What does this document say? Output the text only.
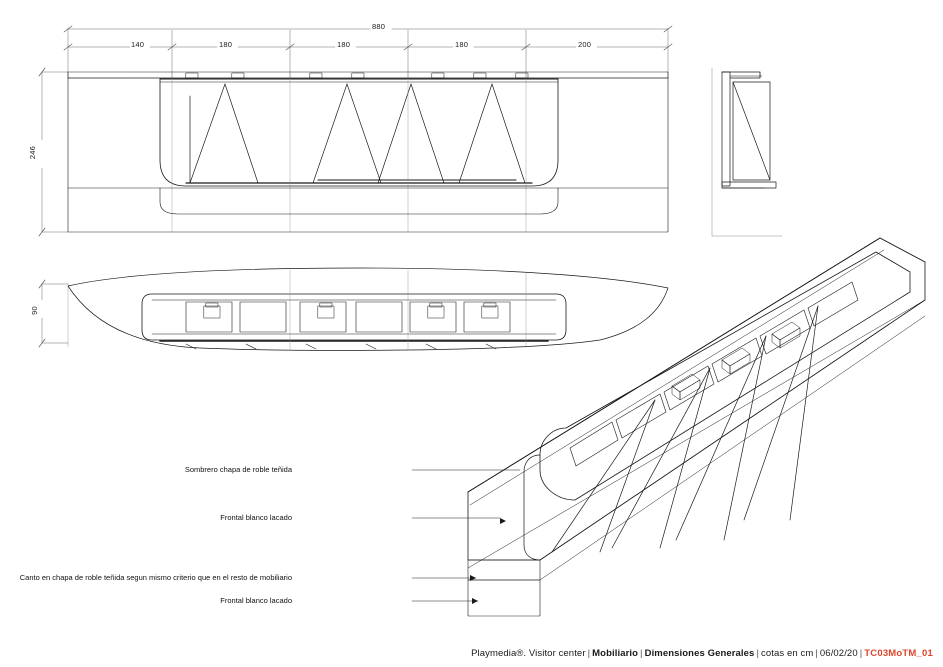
880
140	180	180	180	200
246
90
Sombrero chapa de roble teñida
Frontal blanco lacado
Canto en chapa de roble teñida segun mismo criterio que en el resto de mobiliario
Frontal blanco lacado
Playmedia®. Visitor center | Mobiliario | Dimensiones Generales | cotas en cm | 06/02/20 | TC03MoTM_01
